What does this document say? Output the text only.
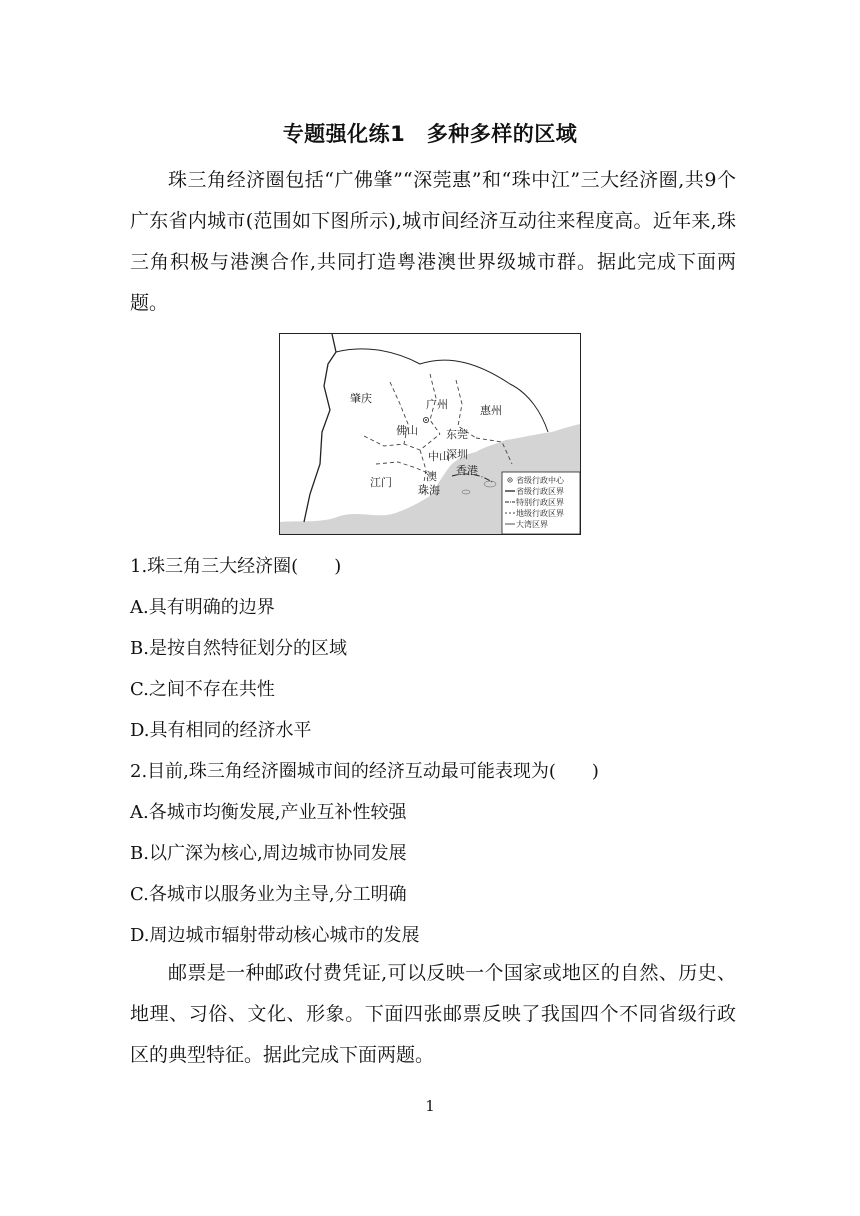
专题强化练1　多种多样的区域
珠三角经济圈包括“广佛肇”“深莞惠”和“珠中江”三大经济圈,共9个广东省内城市(范围如下图所示),城市间经济互动往来程度高。近年来,珠三角积极与港澳合作,共同打造粤港澳世界级城市群。据此完成下面两题。
肇庆	广州	惠州
佛山	东莞
中山
深圳
江门	澳 香港
珠海
省级行政中心
省级行政区界
特别行政区界
地级行政区界
大湾区界
1.珠三角三大经济圈(　　)
A.具有明确的边界
B.是按自然特征划分的区域
C.之间不存在共性
D.具有相同的经济水平
2.目前,珠三角经济圈城市间的经济互动最可能表现为(　　)
A.各城市均衡发展,产业互补性较强
B.以广深为核心,周边城市协同发展
C.各城市以服务业为主导,分工明确
D.周边城市辐射带动核心城市的发展
邮票是一种邮政付费凭证,可以反映一个国家或地区的自然、历史、地理、习俗、文化、形象。下面四张邮票反映了我国四个不同省级行政区的典型特征。据此完成下面两题。
1
